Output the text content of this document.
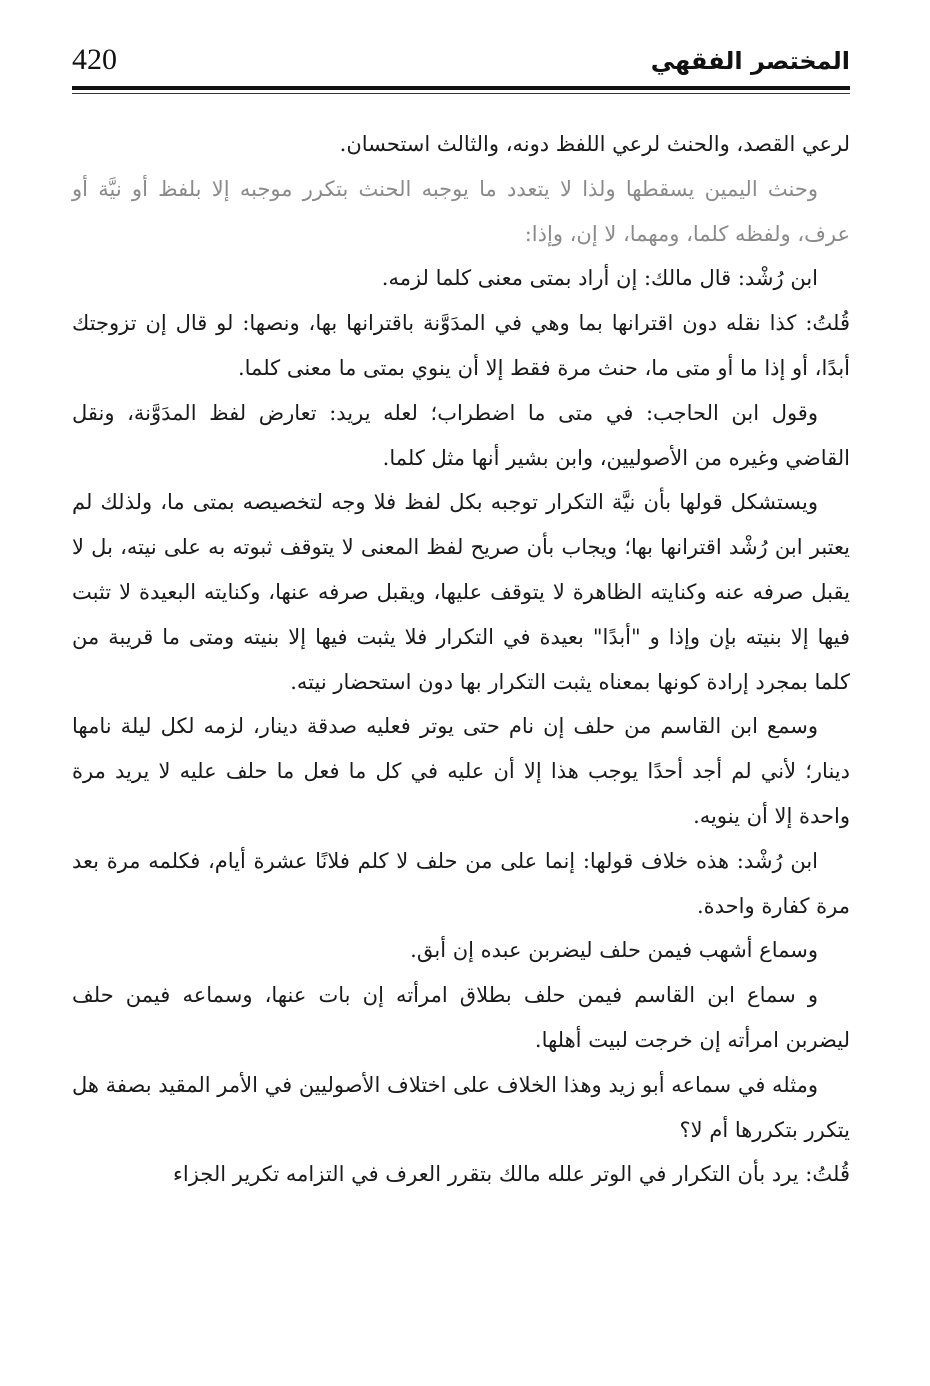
420	المختصر الفقهي

لرعي القصد، والحنث لرعي اللفظ دونه، والثالث استحسان.

وحنث اليمين يسقطها ولذا لا يتعدد ما يوجبه الحنث بتكرر موجبه إلا بلفظ أو نيَّة أو عرف، ولفظه كلما، ومهما، لا إن، وإذا:

ابن رُشْد: قال مالك: إن أراد بمتى معنى كلما لزمه.

قُلتُ: كذا نقله دون اقترانها بما وهي في المدَوَّنة باقترانها بها، ونصها: لو قال إن تزوجتك أبدًا، أو إذا ما أو متى ما، حنث مرة فقط إلا أن ينوي بمتى ما معنى كلما.

وقول ابن الحاجب: في متى ما اضطراب؛ لعله يريد: تعارض لفظ المدَوَّنة، ونقل القاضي وغيره من الأصوليين، وابن بشير أنها مثل كلما.

ويستشكل قولها بأن نيَّة التكرار توجبه بكل لفظ فلا وجه لتخصيصه بمتى ما، ولذلك لم يعتبر ابن رُشْد اقترانها بها؛ ويجاب بأن صريح لفظ المعنى لا يتوقف ثبوته به على نيته، بل لا يقبل صرفه عنه وكنايته الظاهرة لا يتوقف عليها، ويقبل صرفه عنها، وكنايته البعيدة لا تثبت فيها إلا بنيته بإن وإذا و "أبدًا" بعيدة في التكرار فلا يثبت فيها إلا بنيته ومتى ما قريبة من كلما بمجرد إرادة كونها بمعناه يثبت التكرار بها دون استحضار نيته.

وسمع ابن القاسم من حلف إن نام حتى يوتر فعليه صدقة دينار، لزمه لكل ليلة نامها دينار؛ لأني لم أجد أحدًا يوجب هذا إلا أن عليه في كل ما فعل ما حلف عليه لا يريد مرة واحدة إلا أن ينويه.

ابن رُشْد: هذه خلاف قولها: إنما على من حلف لا كلم فلانًا عشرة أيام، فكلمه مرة بعد مرة كفارة واحدة.

وسماع أشهب فيمن حلف ليضربن عبده إن أبق.

و سماع ابن القاسم فيمن حلف بطلاق امرأته إن بات عنها، وسماعه فيمن حلف ليضربن امرأته إن خرجت لبيت أهلها.

ومثله في سماعه أبو زيد وهذا الخلاف على اختلاف الأصوليين في الأمر المقيد بصفة هل يتكرر بتكررها أم لا؟

قُلتُ: يرد بأن التكرار في الوتر علله مالك بتقرر العرف في التزامه تكرير الجزاء
